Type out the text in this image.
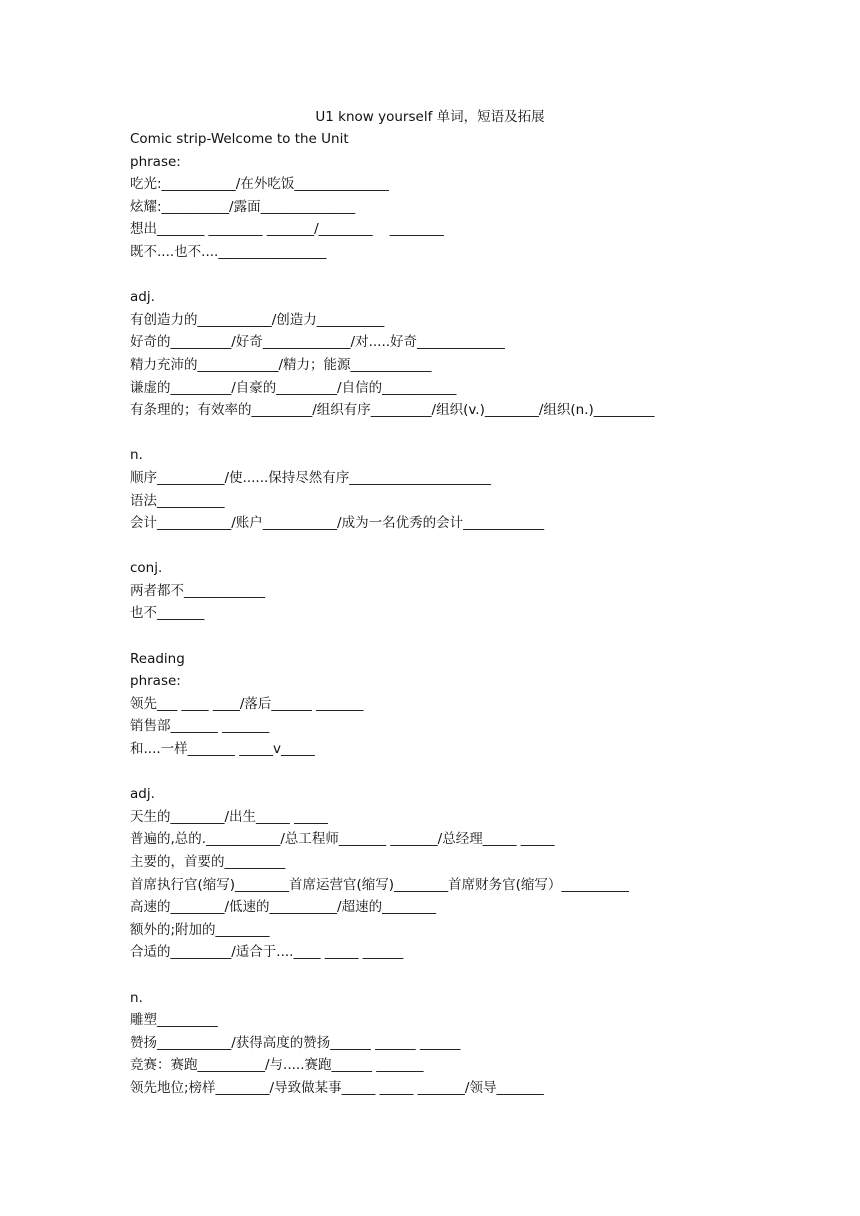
U1 know yourself 单词，短语及拓展
Comic strip-Welcome to the Unit
phrase:
吃光:___________/在外吃饭______________
炫耀:__________/露面______________
想出_______ ________ _______/________    ________
既不....也不....________________
adj.
有创造力的___________/创造力__________
好奇的_________/好奇_____________/对.....好奇_____________
精力充沛的____________/精力；能源____________
谦虚的_________/自豪的_________/自信的___________
有条理的；有效率的_________/组织有序_________/组织(v.)________/组织(n.)_________
n.
顺序__________/使......保持尽然有序_____________________
语法__________
会计___________/账户___________/成为一名优秀的会计____________
conj.
两者都不____________
也不_______
Reading
phrase:
领先___ ____ ____/落后______ _______
销售部_______ _______
和....一样_______ _____v_____
adj.
天生的________/出生_____ _____
普遍的,总的.___________/总工程师_______ _______/总经理_____ _____
主要的，首要的_________
首席执行官(缩写)________首席运营官(缩写)________首席财务官(缩写）__________
高速的________/低速的__________/超速的________
额外的;附加的________
合适的_________/适合于....____ _____ ______
n.
雕塑_________
赞扬___________/获得高度的赞扬______ ______ ______
竞赛：赛跑__________/与.....赛跑______ _______
领先地位;榜样________/导致做某事_____ _____ _______/领导_______
